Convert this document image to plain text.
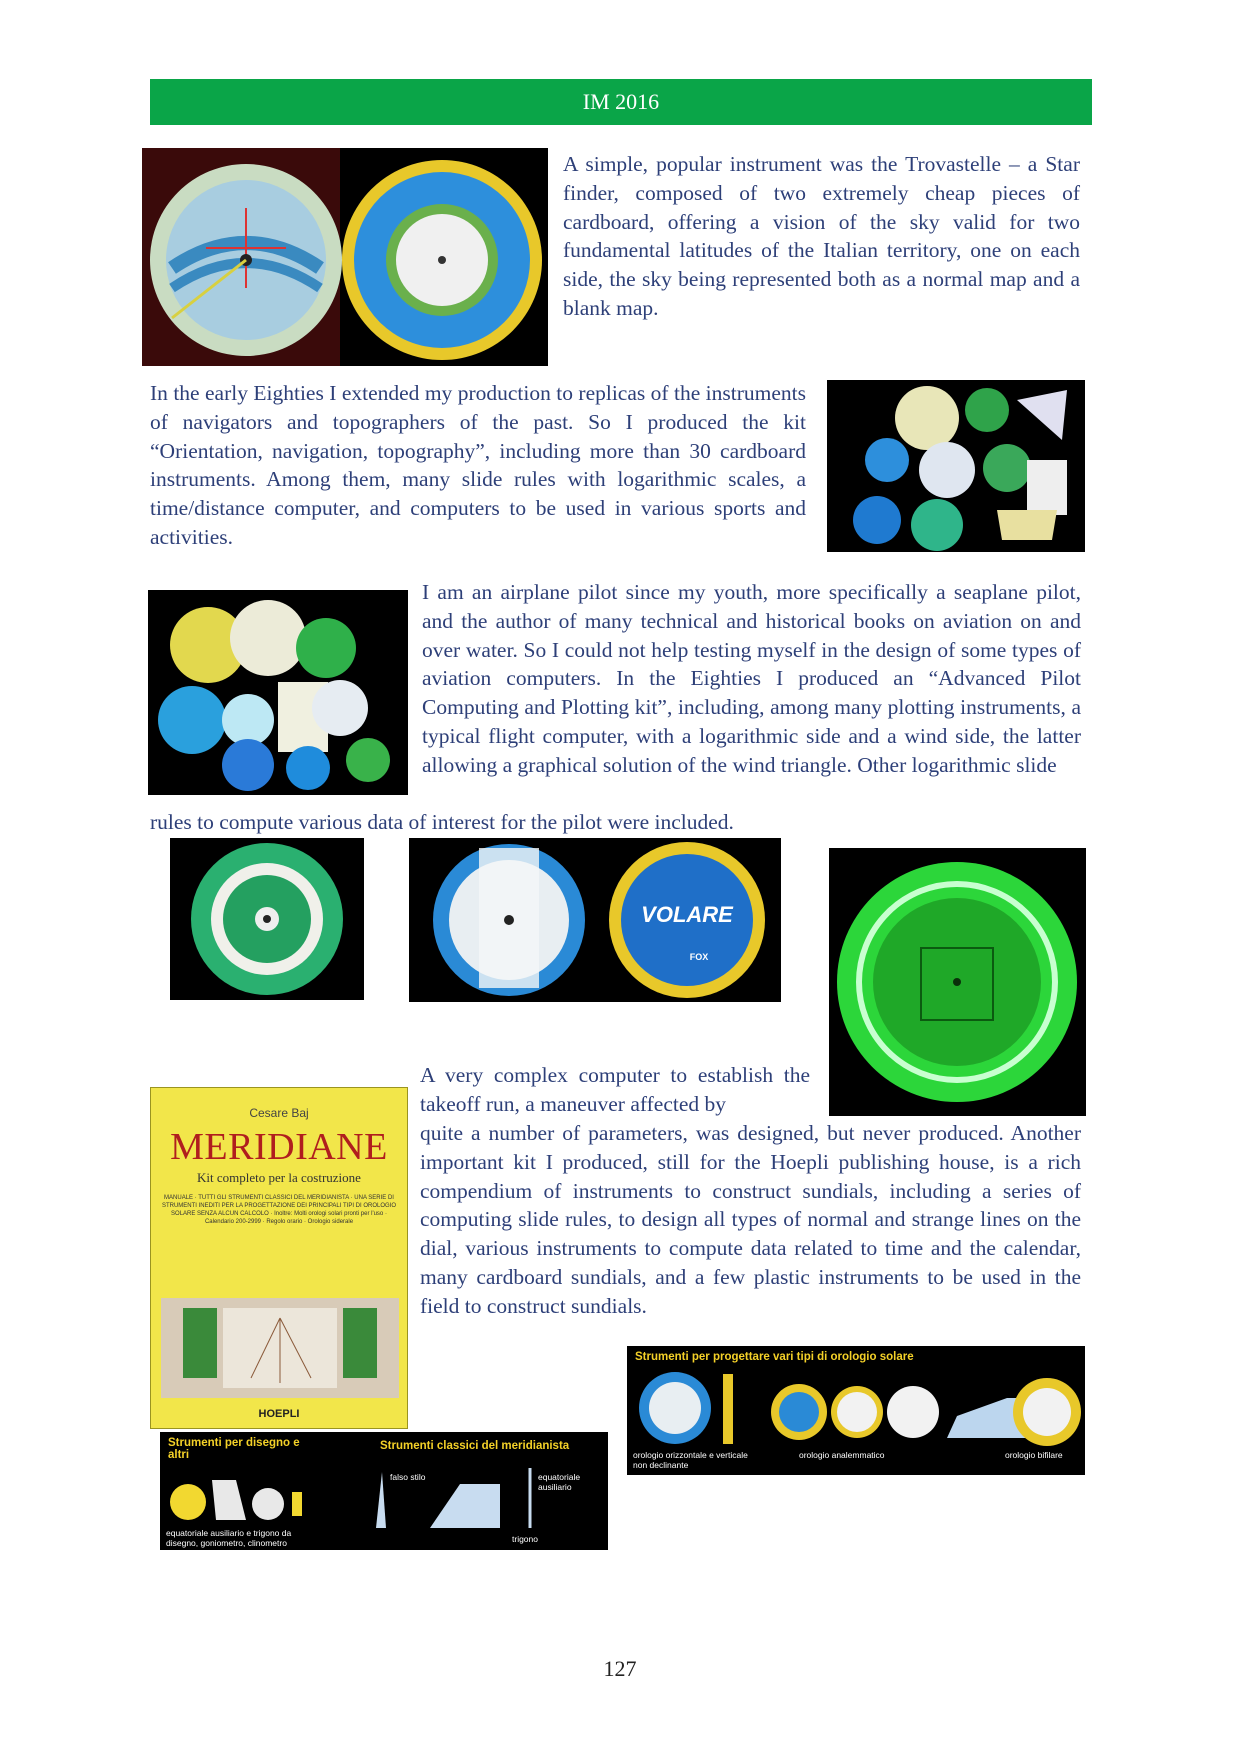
IM 2016
A simple, popular instrument was the Trovastelle – a Star finder, composed of two extremely cheap pieces of cardboard, offering a vision of the sky valid for two fundamental latitudes of the Italian territory, one on each side, the sky being represented both as a normal map and a blank map.
In the early Eighties I extended my production to replicas of the instruments of navigators and topographers of the past. So I produced the kit “Orientation, navigation, topography”, including more than 30 cardboard instruments. Among them, many slide rules with logarithmic scales, a time/distance computer, and computers to be used in various sports and activities.
I am an airplane pilot since my youth, more specifically a seaplane pilot, and the author of many technical and historical books on aviation on and over water. So I could not help testing myself in the design of some types of aviation computers. In the Eighties I produced an “Advanced Pilot Computing and Plotting kit”, including, among many plotting instruments, a typical flight computer, with a logarithmic side and a wind side, the latter allowing a graphical solution of the wind triangle. Other logarithmic slide
rules to compute various data of interest for the pilot were included.
VOLARE
FOX
A very complex computer to establish the takeoff run, a maneuver affected by
quite a number of parameters, was designed, but never produced. Another important kit I produced, still for the Hoepli publishing house, is a rich compendium of instruments to construct sundials, including a series of computing slide rules, to design all types of normal and strange lines on the dial, various instruments to compute data related to time and the calendar, many cardboard sundials, and a few plastic instruments to be used in the field to construct sundials.
Cesare Baj
MERIDIANE
Kit completo per la costruzione
MANUALE · TUTTI GLI STRUMENTI CLASSICI DEL MERIDIANISTA · UNA SERIE DI STRUMENTI INEDITI PER LA PROGETTAZIONE DEI PRINCIPALI TIPI DI OROLOGIO SOLARE SENZA ALCUN CALCOLO · Inoltre: Molti orologi solari pronti per l'uso · Calendario 200-2999 · Regolo orario · Orologio siderale
HOEPLI
Strumenti per progettare vari tipi di orologio solare
orologio orizzontale e verticale non declinante
orologio analemmatico	orologio bifilare
Strumenti per disegno e altri
Strumenti classici del meridianista
equatoriale ausiliario e trigono da disegno, goniometro, clinometro
falso stilo	equatoriale ausiliario
trigono
127
